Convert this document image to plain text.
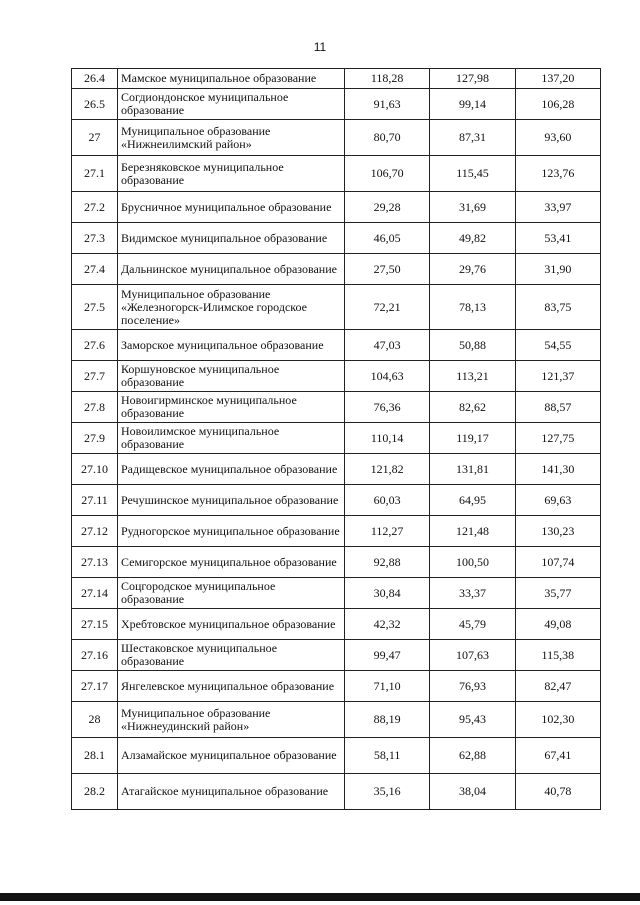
11
26.4	Мамское муниципальное образование	118,28	127,98	137,20
26.5	Согдиондонское муниципальное образование	91,63	99,14	106,28
27	Муниципальное образование «Нижнеилимский район»	80,70	87,31	93,60
27.1	Березняковское муниципальное образование	106,70	115,45	123,76
27.2	Брусничное муниципальное образование	29,28	31,69	33,97
27.3	Видимское муниципальное образование	46,05	49,82	53,41
27.4	Дальнинское муниципальное образование	27,50	29,76	31,90
27.5	Муниципальное образование «Железногорск-Илимское городское поселение»	72,21	78,13	83,75
27.6	Заморское муниципальное образование	47,03	50,88	54,55
27.7	Коршуновское муниципальное образование	104,63	113,21	121,37
27.8	Новоигирминское муниципальное образование	76,36	82,62	88,57
27.9	Новоилимское муниципальное образование	110,14	119,17	127,75
27.10	Радищевское муниципальное образование	121,82	131,81	141,30
27.11	Речушинское муниципальное образование	60,03	64,95	69,63
27.12	Рудногорское муниципальное образование	112,27	121,48	130,23
27.13	Семигорское муниципальное образование	92,88	100,50	107,74
27.14	Соцгородское муниципальное образование	30,84	33,37	35,77
27.15	Хребтовское муниципальное образование	42,32	45,79	49,08
27.16	Шестаковское муниципальное образование	99,47	107,63	115,38
27.17	Янгелевское муниципальное образование	71,10	76,93	82,47
28	Муниципальное образование «Нижнеудинский район»	88,19	95,43	102,30
28.1	Алзамайское муниципальное образование	58,11	62,88	67,41
28.2	Атагайское муниципальное образование	35,16	38,04	40,78
